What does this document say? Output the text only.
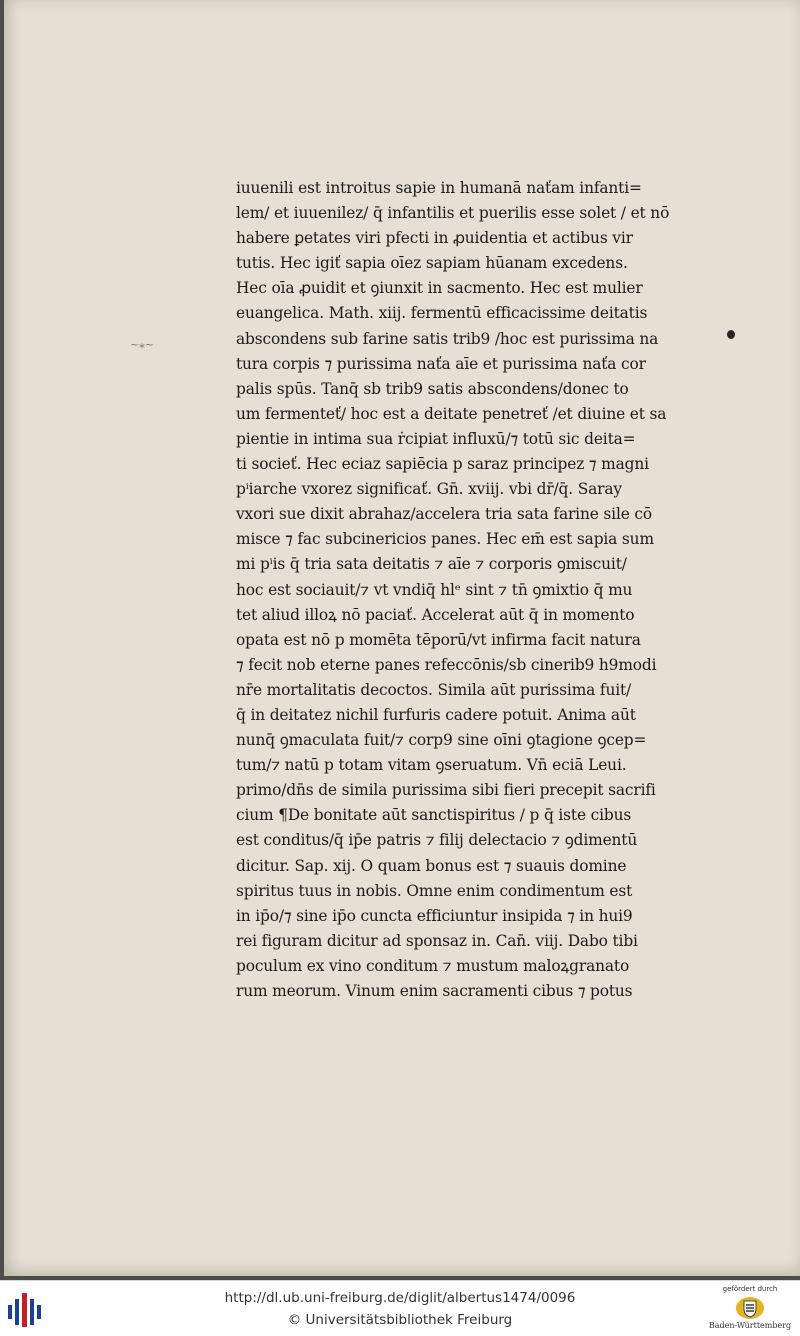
iuuenili est introitus sapie in humanā naťam infanti=
lem/ et iuuenilez/ q̄ infantilis et puerilis esse solet / et nō
habere ꝑetates viri pfecti in ꝓuidentia et actibus vir
tutis. Hec igiť sapia oīez sapiam hūanam excedens.
Hec oīa ꝓuidit et ꝯiunxit in sacmento. Hec est mulier
euangelica. Math. xiij. fermentū efficacissime deitatis
abscondens sub farine satis trib9 /hoc est purissima na
tura corpis ⁊ purissima naťa aīe et purissima naťa cor
palis spūs. Tanq̄ sb trib9 satis abscondens/donec to
um fermenteť/ hoc est a deitate penetreť /et diuine et sa
pientie in intima sua ṙcipiat influxū/⁊ totū sic deita=
ti socieť. Hec eciaz sapiēcia p saraz principez ⁊ magni
pⁱiarche vxorez significať. Gn̄. xviij. vbi dr̄/q̄. Saray
vxori sue dixit abrahaz/accelera tria sata farine sile cō
misce ⁊ fac subcinericios panes. Hec em̄ est sapia sum
mi pⁱis q̄ tria sata deitatis ⁊ aīe ⁊ corporis ꝯmiscuit/
hoc est sociauit/⁊ vt vndiq̄ hlᵉ sint ⁊ tn̄ ꝯmixtio q̄ mu
tet aliud illoꝝ nō paciať. Accelerat aūt q̄ in momento
opata est nō p momēta tēporū/vt infirma facit natura
⁊ fecit nob eterne panes refeccōnis/sb cinerib9 h9modi
nr̄e mortalitatis decoctos. Simila aūt purissima fuit/
q̄ in deitatez nichil furfuris cadere potuit. Anima aūt
nunq̄ ꝯmaculata fuit/⁊ corp9 sine oīni ꝯtagione ꝯcep=
tum/⁊ natū p totam vitam ꝯseruatum. Vn̄ eciā Leui.
primo/dn̄s de simila purissima sibi fieri precepit sacrifi
cium ¶De bonitate aūt sanctispiritus / p q̄ iste cibus
est conditus/q̄ ip̄e patris ⁊ filij delectacio ⁊ ꝯdimentū
dicitur. Sap. xij. O quam bonus est ⁊ suauis domine
spiritus tuus in nobis. Omne enim condimentum est
in ip̄o/⁊ sine ip̄o cuncta efficiuntur insipida ⁊ in hui9
rei figuram dicitur ad sponsaz in. Can̄. viij. Dabo tibi
poculum ex vino conditum ⁊ mustum maloꝝgranato
rum meorum. Vinum enim sacramenti cibus ⁊ potus
~⁎~
http://dl.ub.uni-freiburg.de/diglit/albertus1474/0096
© Universitätsbibliothek Freiburg
gefördert durch
Baden-Württemberg
